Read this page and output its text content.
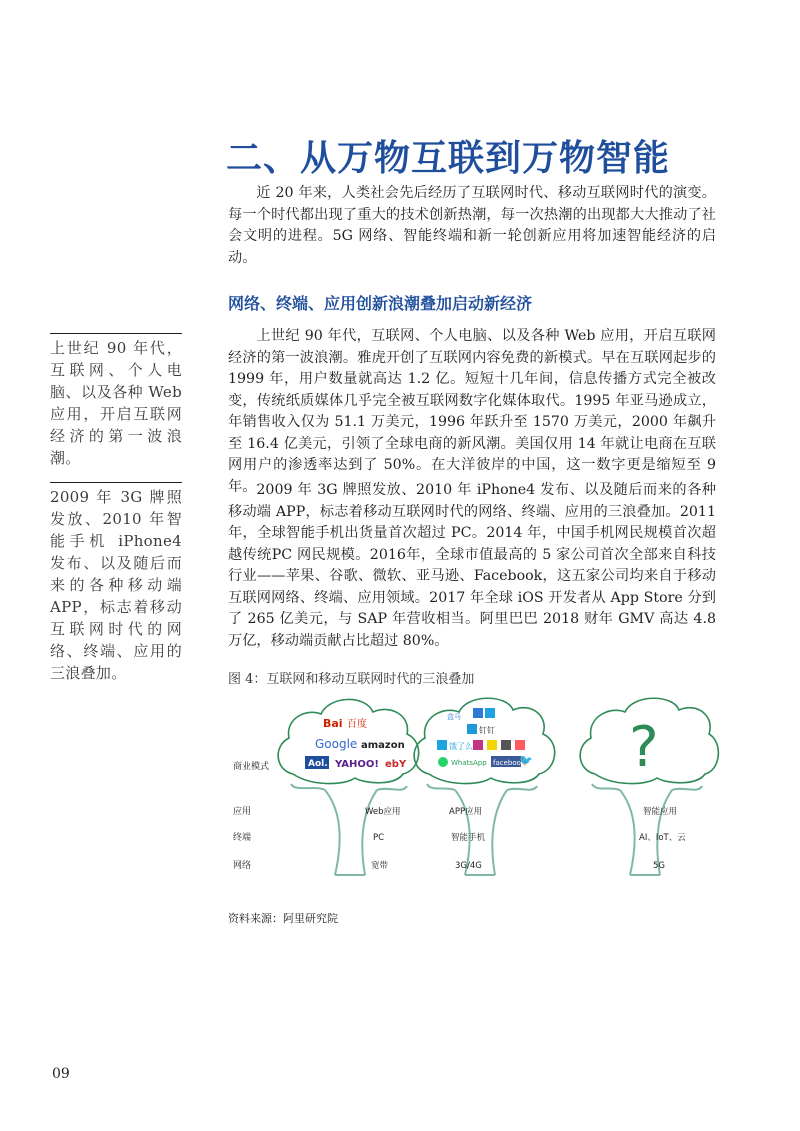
二、从万物互联到万物智能

近 20 年来，人类社会先后经历了互联网时代、移动互联网时代的演变。每一个时代都出现了重大的技术创新热潮，每一次热潮的出现都大大推动了社会文明的进程。5G 网络、智能终端和新一轮创新应用将加速智能经济的启动。

网络、终端、应用创新浪潮叠加启动新经济

上世纪 90 年代，互联网、个人电脑、以及各种 Web 应用，开启互联网经济的第一波浪潮。雅虎开创了互联网内容免费的新模式。早在互联网起步的 1999 年，用户数量就高达 1.2 亿。短短十几年间，信息传播方式完全被改变，传统纸质媒体几乎完全被互联网数字化媒体取代。1995 年亚马逊成立，年销售收入仅为 51.1 万美元，1996 年跃升至 1570 万美元，2000 年飙升至 16.4 亿美元，引领了全球电商的新风潮。美国仅用 14 年就让电商在互联网用户的渗透率达到了 50%。在大洋彼岸的中国，这一数字更是缩短至 9 年。 2009 年 3G 牌照发放、2010 年 iPhone4 发布、以及随后而来的各种移动端 APP，标志着移动互联网时代的网络、终端、应用的三浪叠加。2011 年，全球智能手机出货量首次超过 PC。2014 年，中国手机网民规模首次超越传统PC 网民规模。2016年，全球市值最高的 5 家公司首次全部来自科技行业——苹果、谷歌、微软、亚马逊、Facebook，这五家公司均来自于移动互联网网络、终端、应用领域。2017 年全球 iOS 开发者从 App Store 分到了 265 亿美元，与 SAP 年营收相当。阿里巴巴 2018 财年 GMV 高达 4.8 万亿，移动端贡献占比超过 80%。

上世纪 90 年代，互联网、个人电脑、以及各种 Web 应用，开启互联网经济的第一波浪潮。

2009 年 3G 牌照发放、2010 年智能手机 iPhone4 发布、以及随后而来的各种移动端 APP，标志着移动互联网时代的网络、终端、应用的三浪叠加。	图 4：互联网和移动互联网时代的三浪叠加
商业模式
应用
终端
网络
Bai 百度
Google amazon
Aol. YAHOO! ebY
Web应用
PC
宽带
钉钉
饿了么
WhatsApp facebook
🐦
盒马
APP应用
智能手机
3G/4G
?
智能应用
AI、IoT、云
5G
资料来源：阿里研究院
09
